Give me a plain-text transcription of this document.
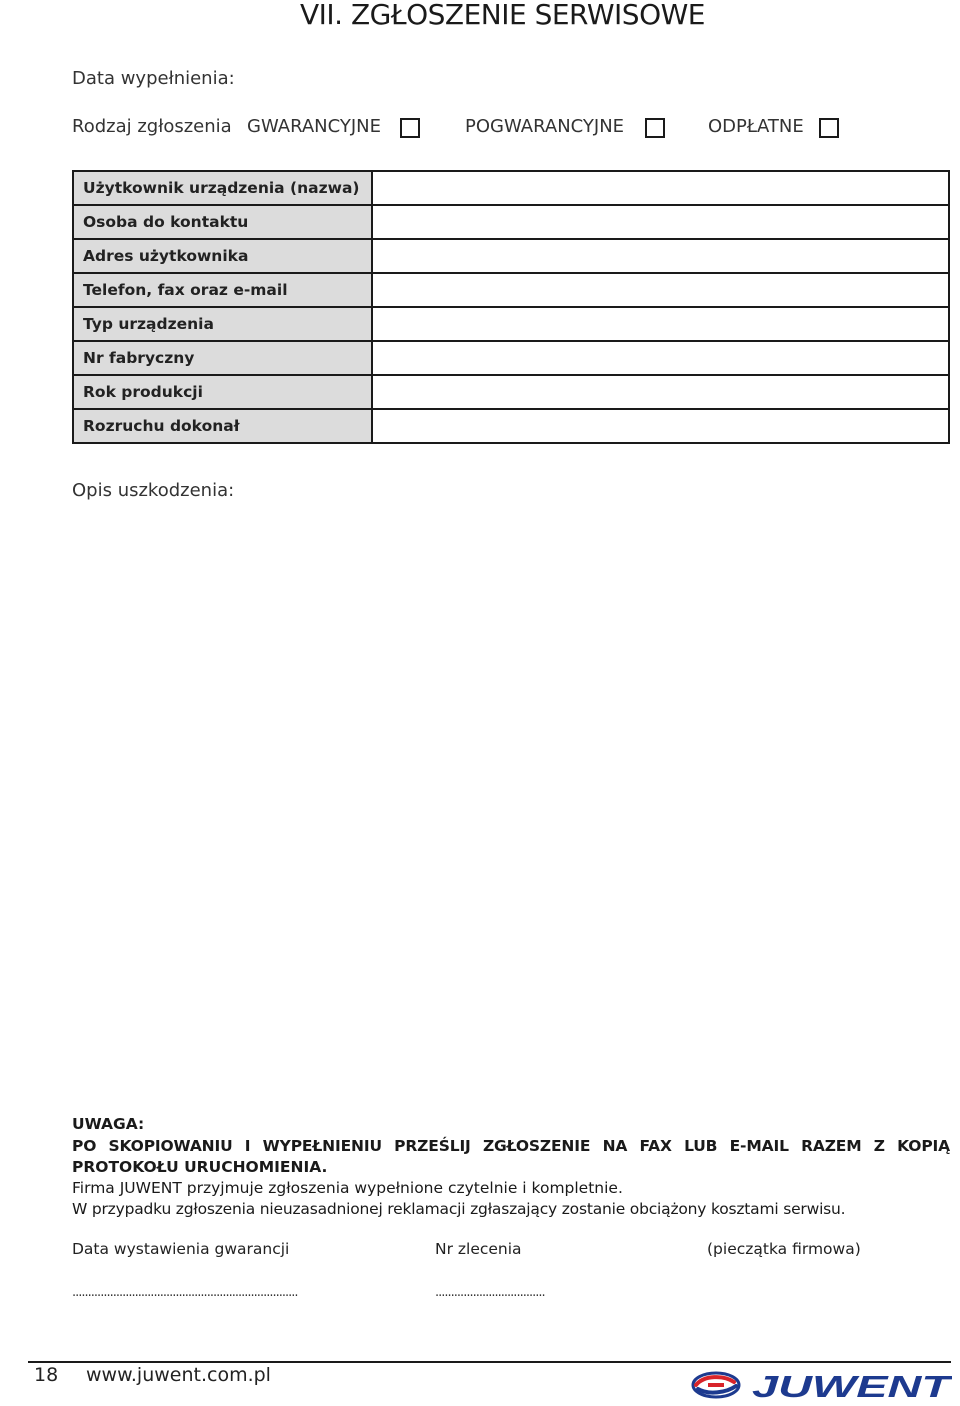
VII. ZGŁOSZENIE SERWISOWE
Data wypełnienia:
Rodzaj zgłoszenia GWARANCYJNE	POGWARANCYJNE	ODPŁATNE
Użytkownik urządzenia (nazwa)	
Osoba do kontaktu	
Adres użytkownika	
Telefon, fax oraz e-mail	
Typ urządzenia	
Nr fabryczny	
Rok produkcji	
Rozruchu dokonał	
Opis uszkodzenia:
UWAGA:
PO SKOPIOWANIU I WYPEŁNIENIU PRZEŚLIJ ZGŁOSZENIE NA FAX LUB E-MAIL RAZEM Z KOPIĄ
PROTOKOŁU URUCHOMIENIA.
Firma JUWENT przyjmuje zgłoszenia wypełnione czytelnie i kompletnie.
W przypadku zgłoszenia nieuzasadnionej reklamacji zgłaszający zostanie obciążony kosztami serwisu.
Data wystawienia gwarancji	Nr zlecenia	(pieczątka firmowa)
........................................................................	...................................
18 www.juwent.com.pl	JUWENT
